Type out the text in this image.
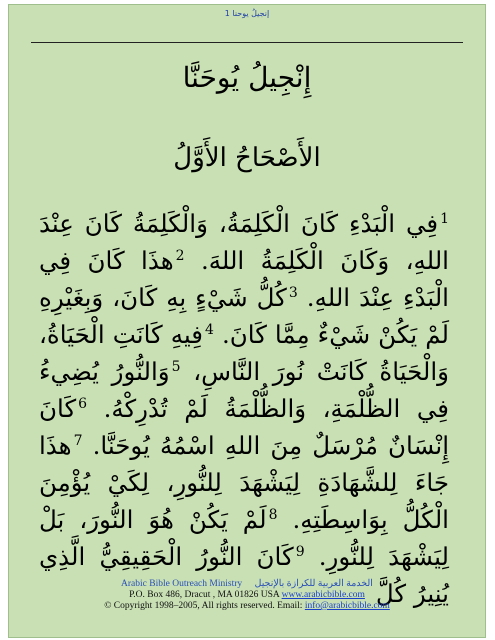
إنجيلُ يوحنا 1
إِنْجِيلُ يُوحَنَّا
الأَصْحَاحُ الأَوَّلُ
$^1$فِي الْبَدْءِ كَانَ الْكَلِمَةُ، وَالْكَلِمَةُ كَانَ عِنْدَ اللهِ، وَكَانَ الْكَلِمَةُ اللهَ. $^2$هذَا كَانَ فِي الْبَدْءِ عِنْدَ اللهِ. $^3$كُلُّ شَيْءٍ بِهِ كَانَ، وَبِغَيْرِهِ لَمْ يَكُنْ شَيْءٌ مِمَّا كَانَ. $^4$فِيهِ كَانَتِ الْحَيَاةُ، وَالْحَيَاةُ كَانَتْ نُورَ النَّاسِ، $^5$وَالنُّورُ يُضِيءُ فِي الظُّلْمَةِ، وَالظُّلْمَةُ لَمْ تُدْرِكْهُ. $^6$كَانَ إِنْسَانٌ مُرْسَلٌ مِنَ اللهِ اسْمُهُ يُوحَنَّا. $^7$هذَا جَاءَ لِلشَّهَادَةِ لِيَشْهَدَ لِلنُّورِ، لِكَيْ يُؤْمِنَ الْكُلُّ بِوَاسِطَتِهِ. $^8$لَمْ يَكُنْ هُوَ النُّورَ، بَلْ لِيَشْهَدَ لِلنُّورِ. $^9$كَانَ النُّورُ الْحَقِيقِيُّ الَّذِي يُنِيرُ كُلَّ
Arabic Bible Outreach Ministry الخدمة العربية للكرازة بالإنجيل
P.O. Box 486, Dracut , MA 01826 USA www.arabicbible.com
© Copyright 1998–2005, All rights reserved. Email: info@arabicbible.com
